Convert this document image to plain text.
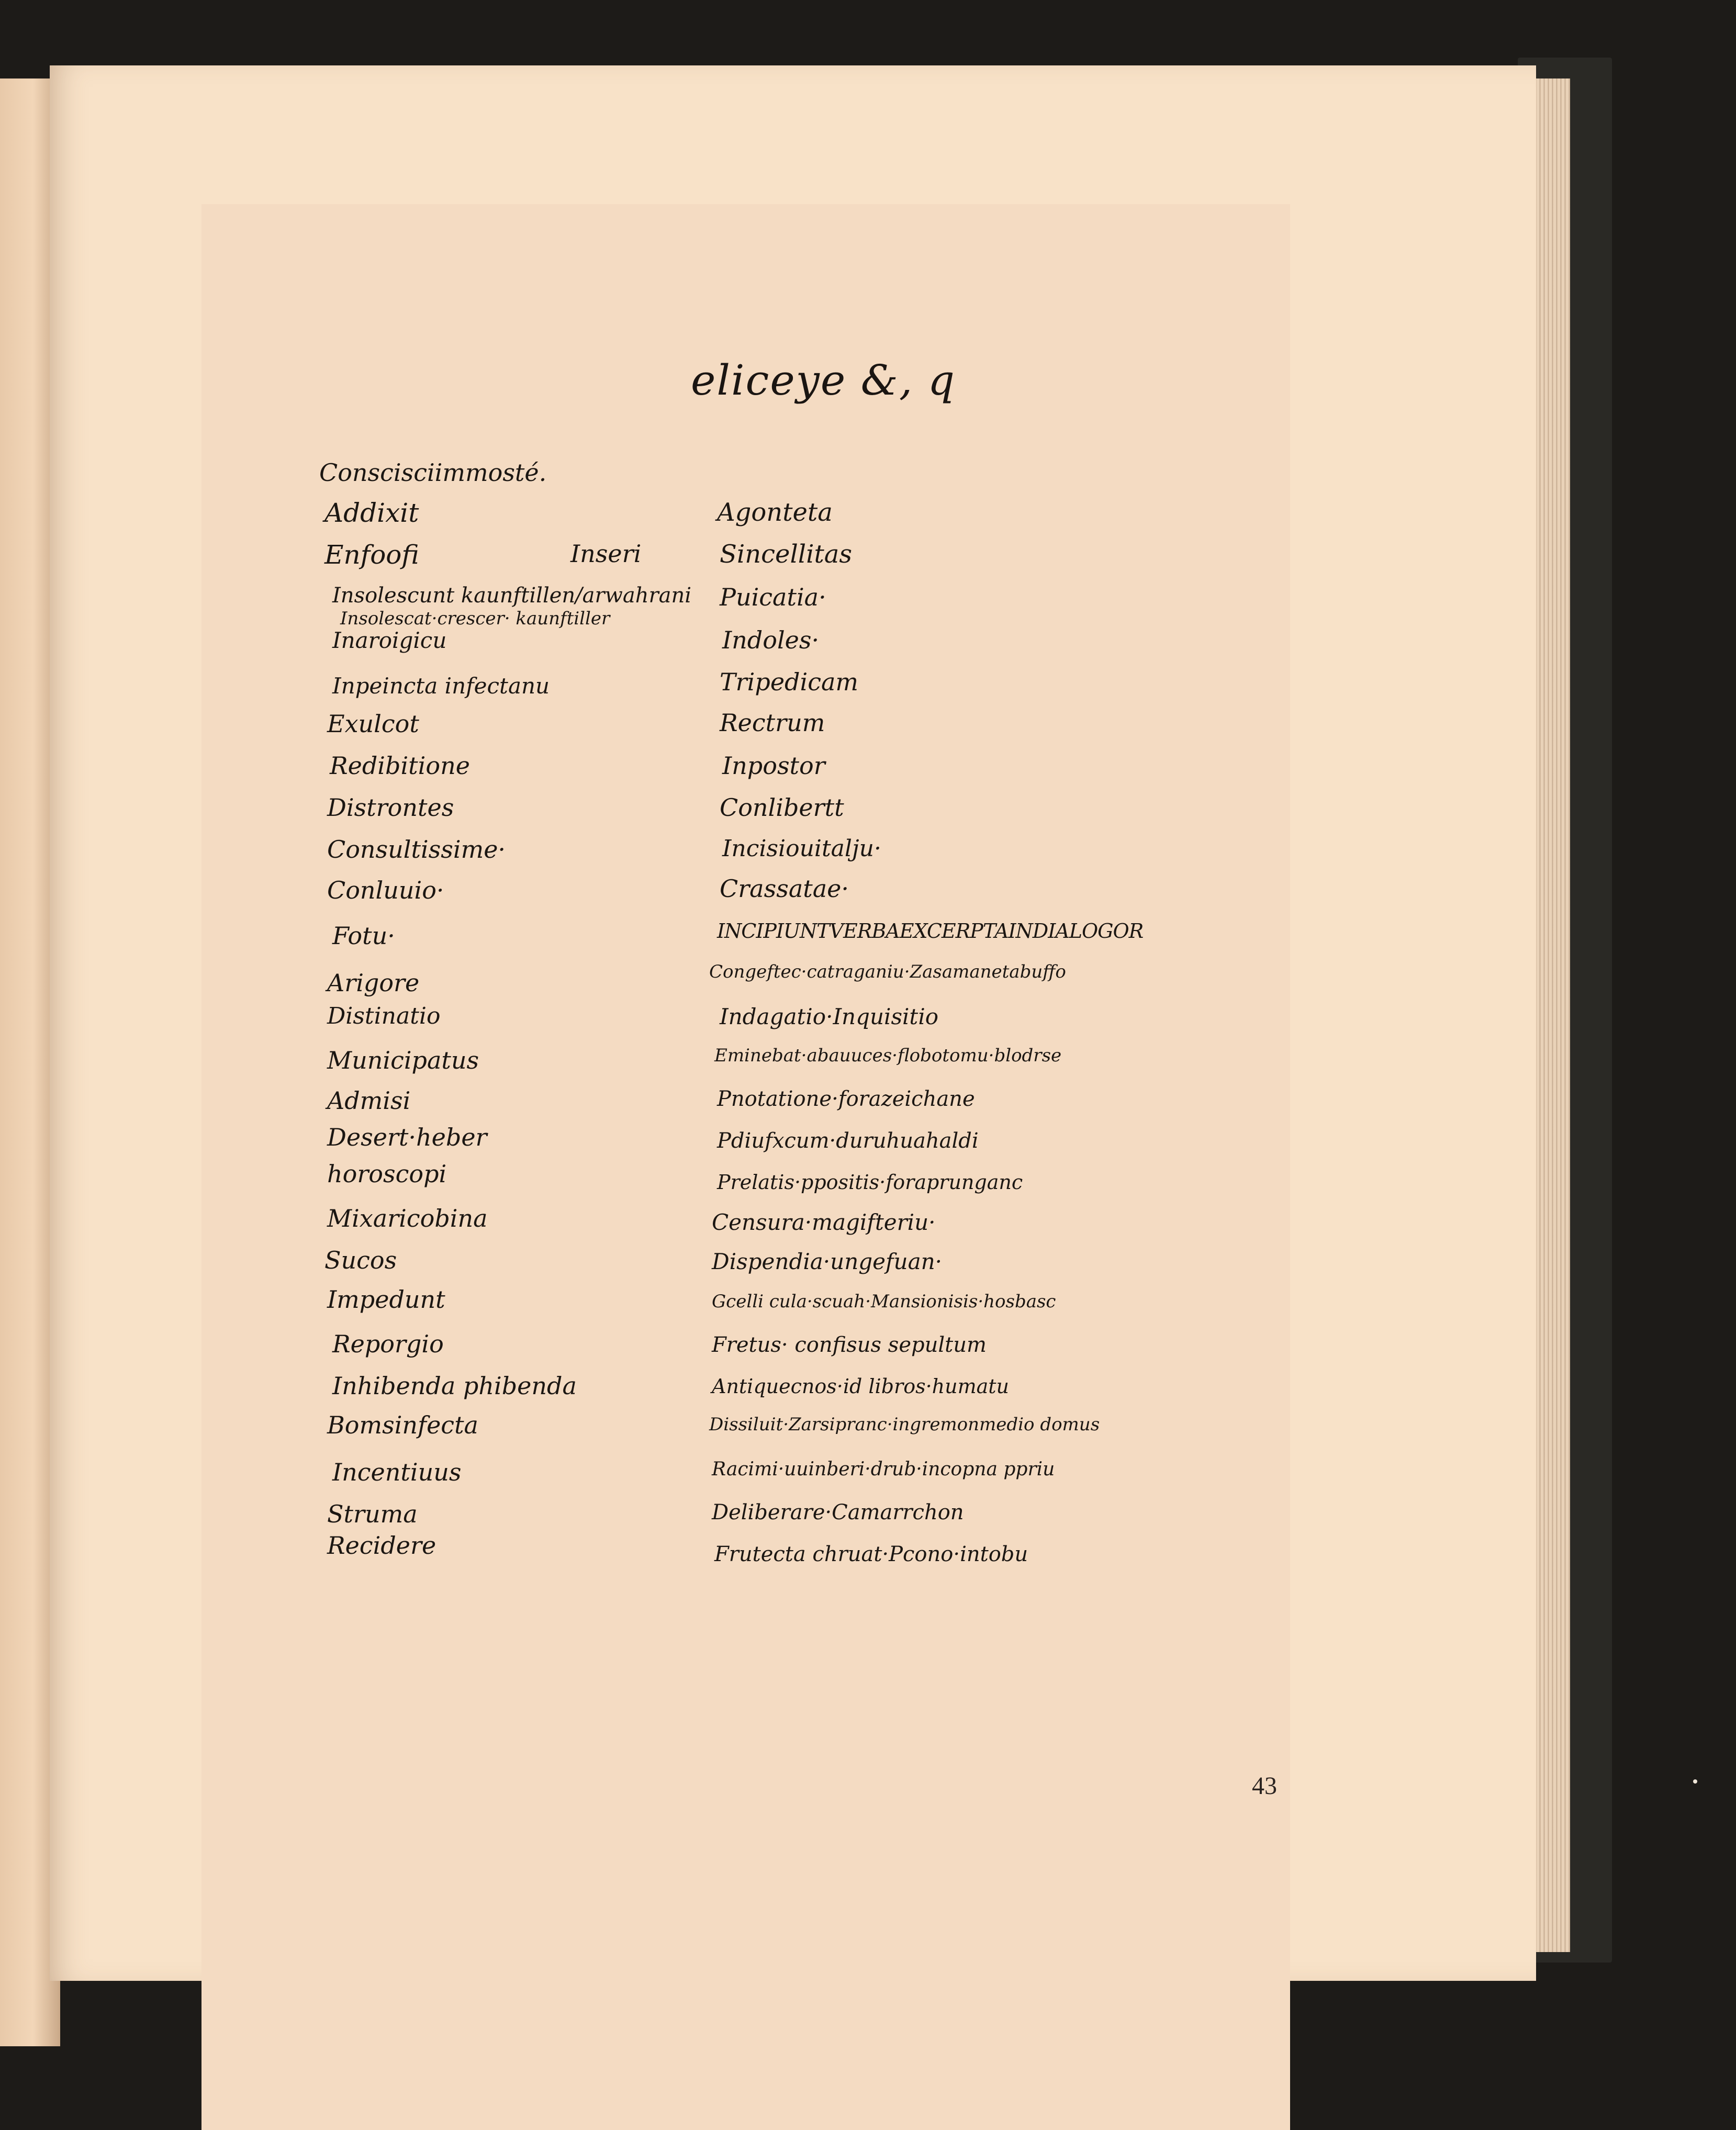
eliceye &, q
Conscisciimmosté.
Addixit
Enfoofi
Insolescunt kaunftillen/arwahrani
Insolescat·crescer· kaunftiller
Inaroigicu
Inpeincta infectanu
Exulcot
Redibitione
Distrontes
Consultissime·
Conluuio·
Fotu·
Arigore
Distinatio
Municipatus
Admisi
Desert·heber
horoscopi
Mixaricobina
Sucos
Impedunt
Reporgio
Inhibenda phibenda
Bomsinfecta
Incentiuus
Struma
Recidere
Inseri
Agonteta
Sincellitas
Puicatia·
Indoles·
Tripedicam
Rectrum
Inpostor
Conlibertt
Incisiouitalju·
Crassatae·
INCIPIUNTVERBAEXCERPTAINDIALOGOR
Congeftec·catraganiu·Zasamanetabuffo
Indagatio·Inquisitio
Eminebat·abauuces·flobotomu·blodrse
Pnotatione·forazeichane
Pdiufxcum·duruhuahaldi
Prelatis·ppositis·foraprunganc
Censura·magifteriu·
Dispendia·ungefuan·
Gcelli cula·scuah·Mansionisis·hosbasc
Fretus· confisus sepultum
Antiquecnos·id libros·humatu
Dissiluit·Zarsipranc·ingremonmedio domus
Racimi·uuinberi·drub·incopna ppriu
Deliberare·Camarrchon
Frutecta chruat·Pcono·intobu
43
